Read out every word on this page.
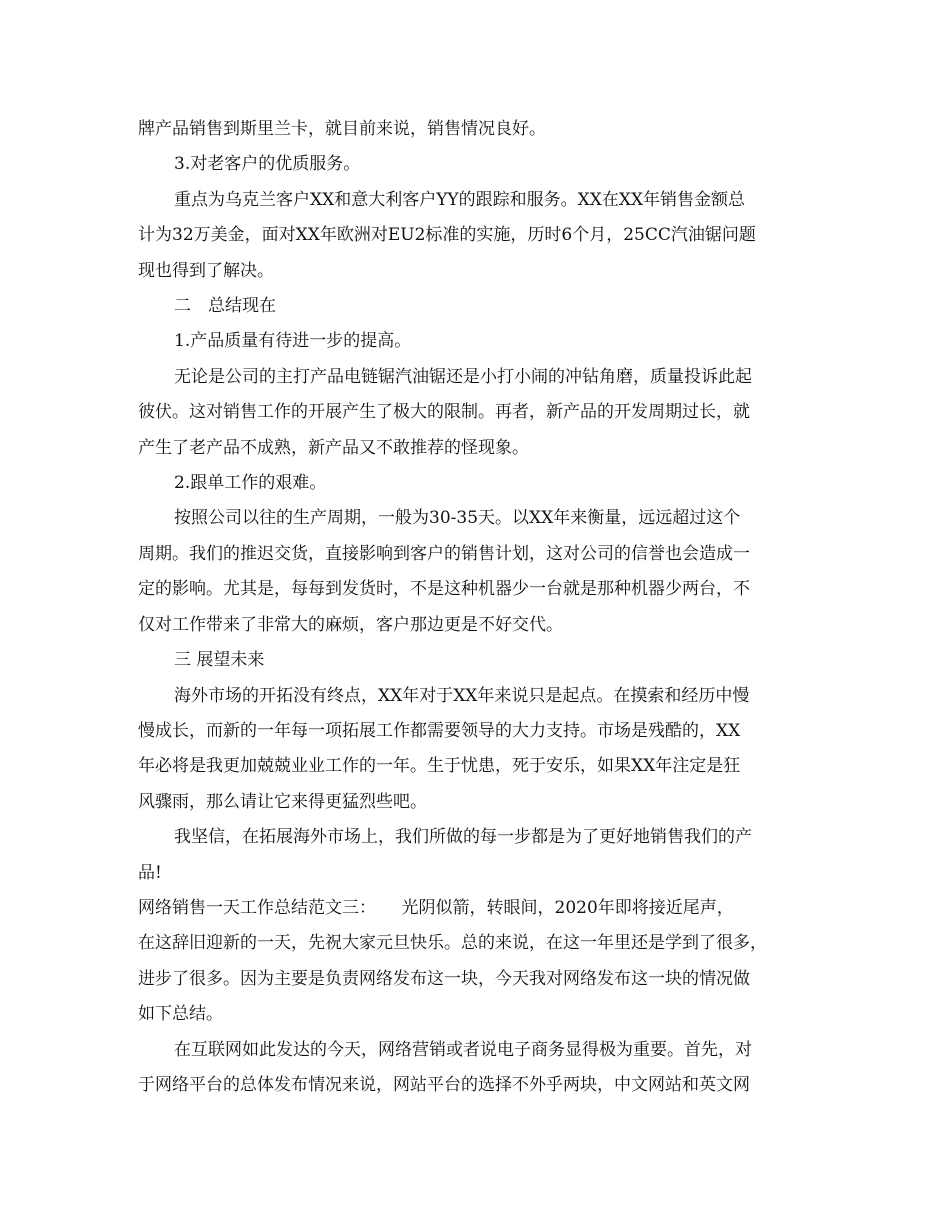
牌产品销售到斯里兰卡，就目前来说，销售情况良好。
3.对老客户的优质服务。
重点为乌克兰客户XX和意大利客户YY的跟踪和服务。XX在XX年销售金额总
计为32万美金，面对XX年欧洲对EU2标准的实施，历时6个月，25CC汽油锯问题
现也得到了解决。
二　总结现在
1.产品质量有待进一步的提高。
无论是公司的主打产品电链锯汽油锯还是小打小闹的冲钻角磨，质量投诉此起
彼伏。这对销售工作的开展产生了极大的限制。再者，新产品的开发周期过长，就
产生了老产品不成熟，新产品又不敢推荐的怪现象。
2.跟单工作的艰难。
按照公司以往的生产周期，一般为30-35天。以XX年来衡量，远远超过这个
周期。我们的推迟交货，直接影响到客户的销售计划，这对公司的信誉也会造成一
定的影响。尤其是，每每到发货时，不是这种机器少一台就是那种机器少两台，不
仅对工作带来了非常大的麻烦，客户那边更是不好交代。
三 展望未来
海外市场的开拓没有终点，XX年对于XX年来说只是起点。在摸索和经历中慢
慢成长，而新的一年每一项拓展工作都需要领导的大力支持。市场是残酷的，XX
年必将是我更加兢兢业业工作的一年。生于忧患，死于安乐，如果XX年注定是狂
风骤雨，那么请让它来得更猛烈些吧。
我坚信，在拓展海外市场上，我们所做的每一步都是为了更好地销售我们的产
品!
网络销售一天工作总结范文三：　　光阴似箭，转眼间，2020年即将接近尾声，
在这辞旧迎新的一天，先祝大家元旦快乐。总的来说，在这一年里还是学到了很多，
进步了很多。因为主要是负责网络发布这一块，今天我对网络发布这一块的情况做
如下总结。
在互联网如此发达的今天，网络营销或者说电子商务显得极为重要。首先，对
于网络平台的总体发布情况来说，网站平台的选择不外乎两块，中文网站和英文网
